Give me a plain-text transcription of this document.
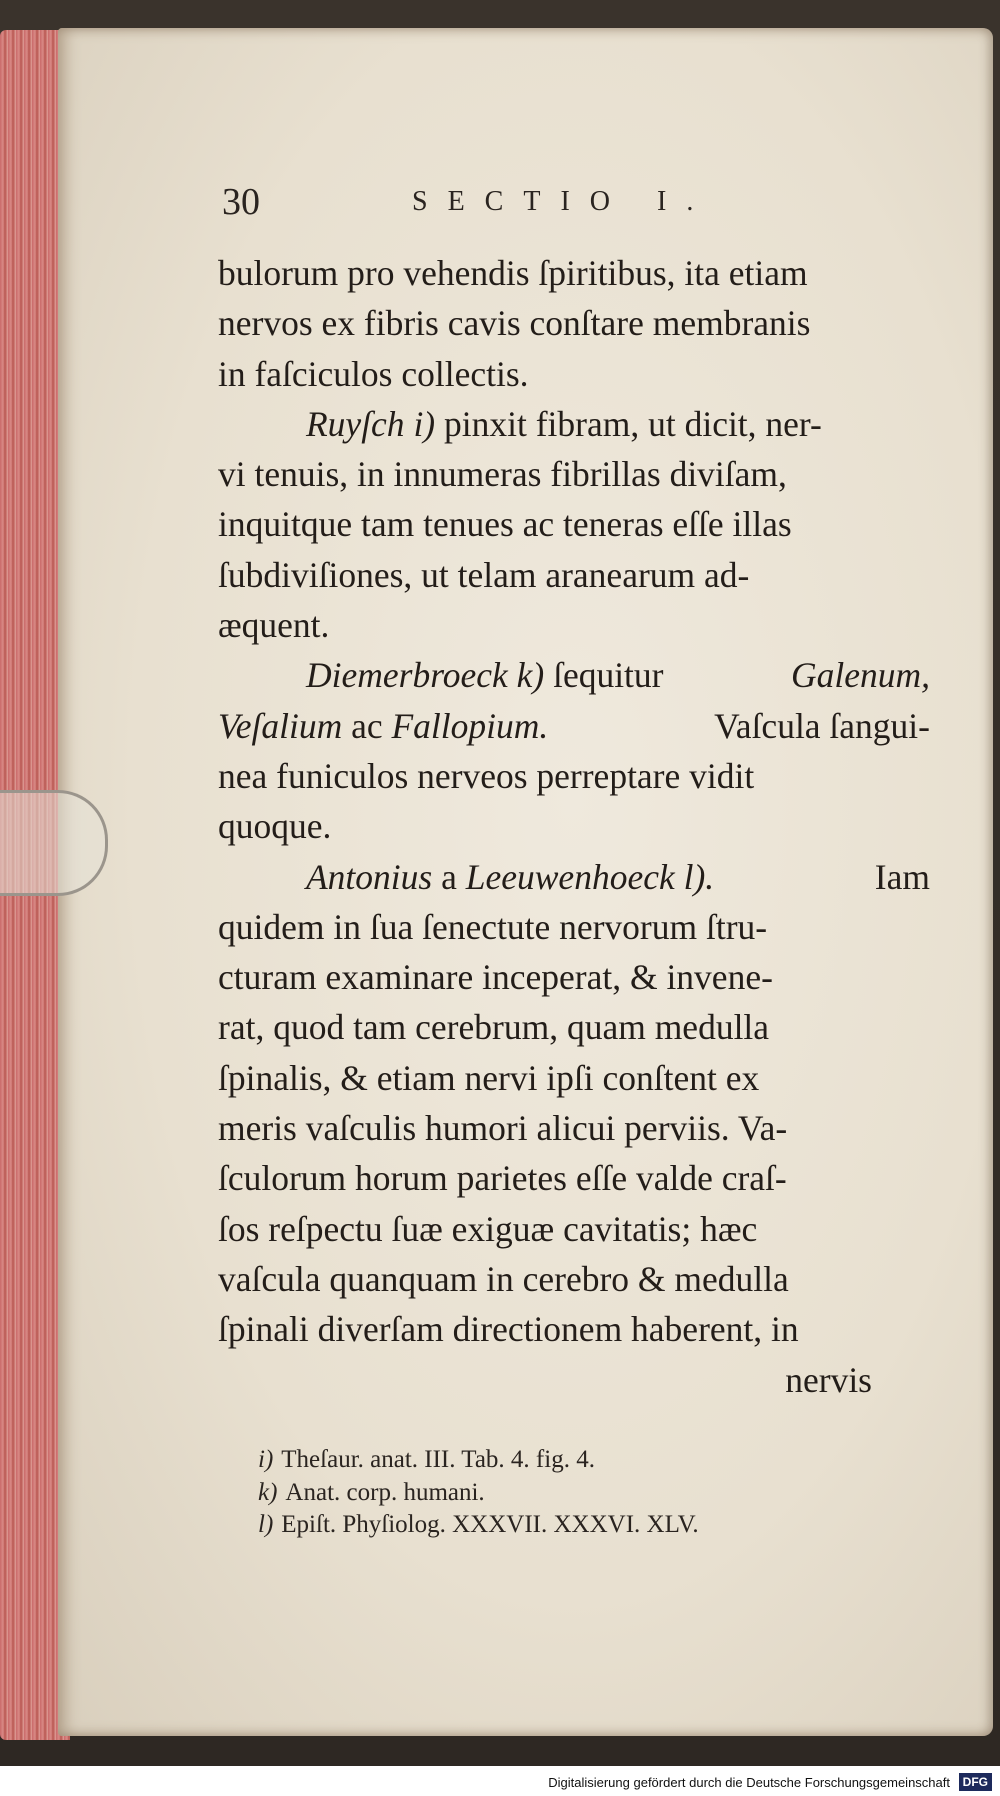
30	SECTIO I.
bulorum pro vehendis ſpiritibus, ita etiam
nervos ex fibris cavis conſtare membranis
in faſciculos collectis.
Ruyſch i) pinxit fibram, ut dicit, ner-
vi tenuis, in innumeras fibrillas diviſam,
inquitque tam tenues ac teneras eſſe illas
ſubdiviſiones, ut telam aranearum ad-
æquent.
Diemerbroeck k) ſequitur	Galenum,
Veſalium ac Fallopium.	Vaſcula ſangui-
nea funiculos nerveos perreptare vidit
quoque.
Antonius a Leeuwenhoeck l).	Iam
quidem in ſua ſenectute nervorum ſtru-
cturam examinare inceperat, & invene-
rat, quod tam cerebrum, quam medulla
ſpinalis, & etiam nervi ipſi conſtent ex
meris vaſculis humori alicui perviis. Va-
ſculorum horum parietes eſſe valde craſ-
ſos reſpectu ſuæ exiguæ cavitatis; hæc
vaſcula quanquam in cerebro & medulla
ſpinali diverſam directionem haberent, in
nervis
i) Theſaur. anat. III. Tab. 4. fig. 4.
k) Anat. corp. humani.
l) Epiſt. Phyſiolog. XXXVII. XXXVI. XLV.
Digitalisierung gefördert durch die Deutsche Forschungsgemeinschaft	DFG
